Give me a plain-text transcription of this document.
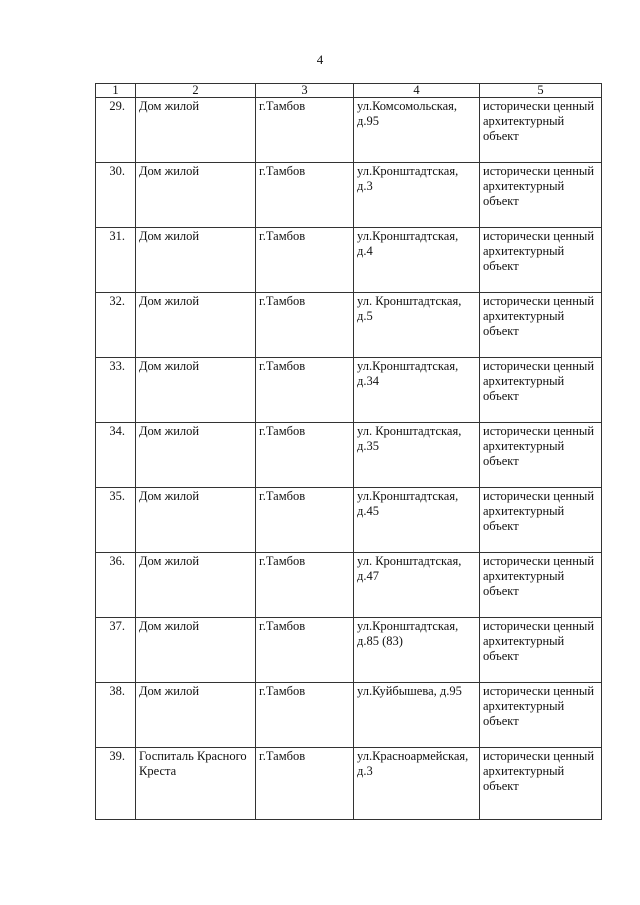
4
1	2	3	4	5
29.	Дом жилой	г.Тамбов	ул.Комсомольская, д.95	исторически ценный архитектурный объект
30.	Дом жилой	г.Тамбов	ул.Кронштадтская, д.3	исторически ценный архитектурный объект
31.	Дом жилой	г.Тамбов	ул.Кронштадтская, д.4	исторически ценный архитектурный объект
32.	Дом жилой	г.Тамбов	ул. Кронштадтская, д.5	исторически ценный архитектурный объект
33.	Дом жилой	г.Тамбов	ул.Кронштадтская, д.34	исторически ценный архитектурный объект
34.	Дом жилой	г.Тамбов	ул. Кронштадтская, д.35	исторически ценный архитектурный объект
35.	Дом жилой	г.Тамбов	ул.Кронштадтская, д.45	исторически ценный архитектурный объект
36.	Дом жилой	г.Тамбов	ул. Кронштадтская, д.47	исторически ценный архитектурный объект
37.	Дом жилой	г.Тамбов	ул.Кронштадтская, д.85 (83)	исторически ценный архитектурный объект
38.	Дом жилой	г.Тамбов	ул.Куйбышева, д.95	исторически ценный архитектурный объект
39.	Госпиталь Красного Креста	г.Тамбов	ул.Красноармейская, д.3	исторически ценный архитектурный объект
